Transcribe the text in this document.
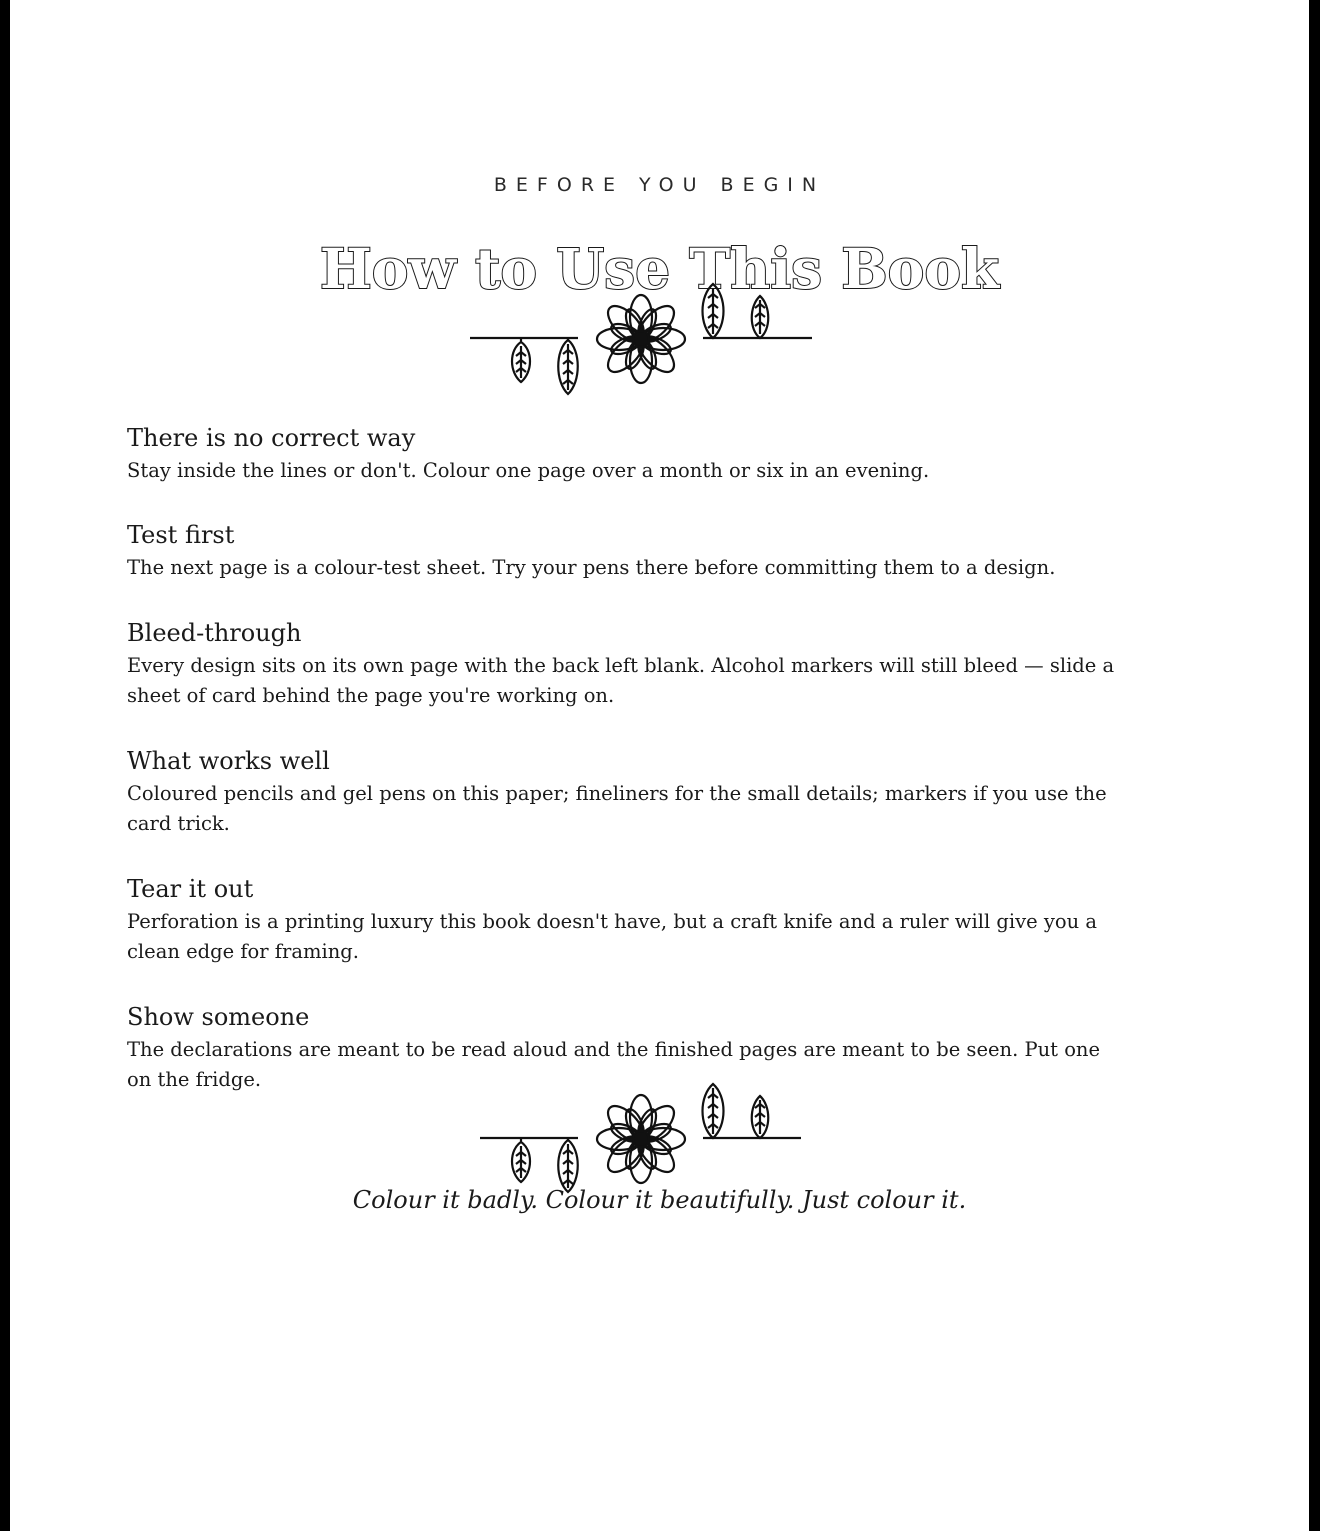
BEFORE YOU BEGIN
How to Use This Book
There is no correct way

Stay inside the lines or don't. Colour one page over a month or six in an evening.

Test first

The next page is a colour-test sheet. Try your pens there before committing them to a design.

Bleed-through

Every design sits on its own page with the back left blank. Alcohol markers will still bleed — slide a sheet of card behind the page you're working on.

What works well

Coloured pencils and gel pens on this paper; fineliners for the small details; markers if you use the card trick.

Tear it out

Perforation is a printing luxury this book doesn't have, but a craft knife and a ruler will give you a clean edge for framing.

Show someone

The declarations are meant to be read aloud and the finished pages are meant to be seen. Put one on the fridge.

Colour it badly. Colour it beautifully. Just colour it.
